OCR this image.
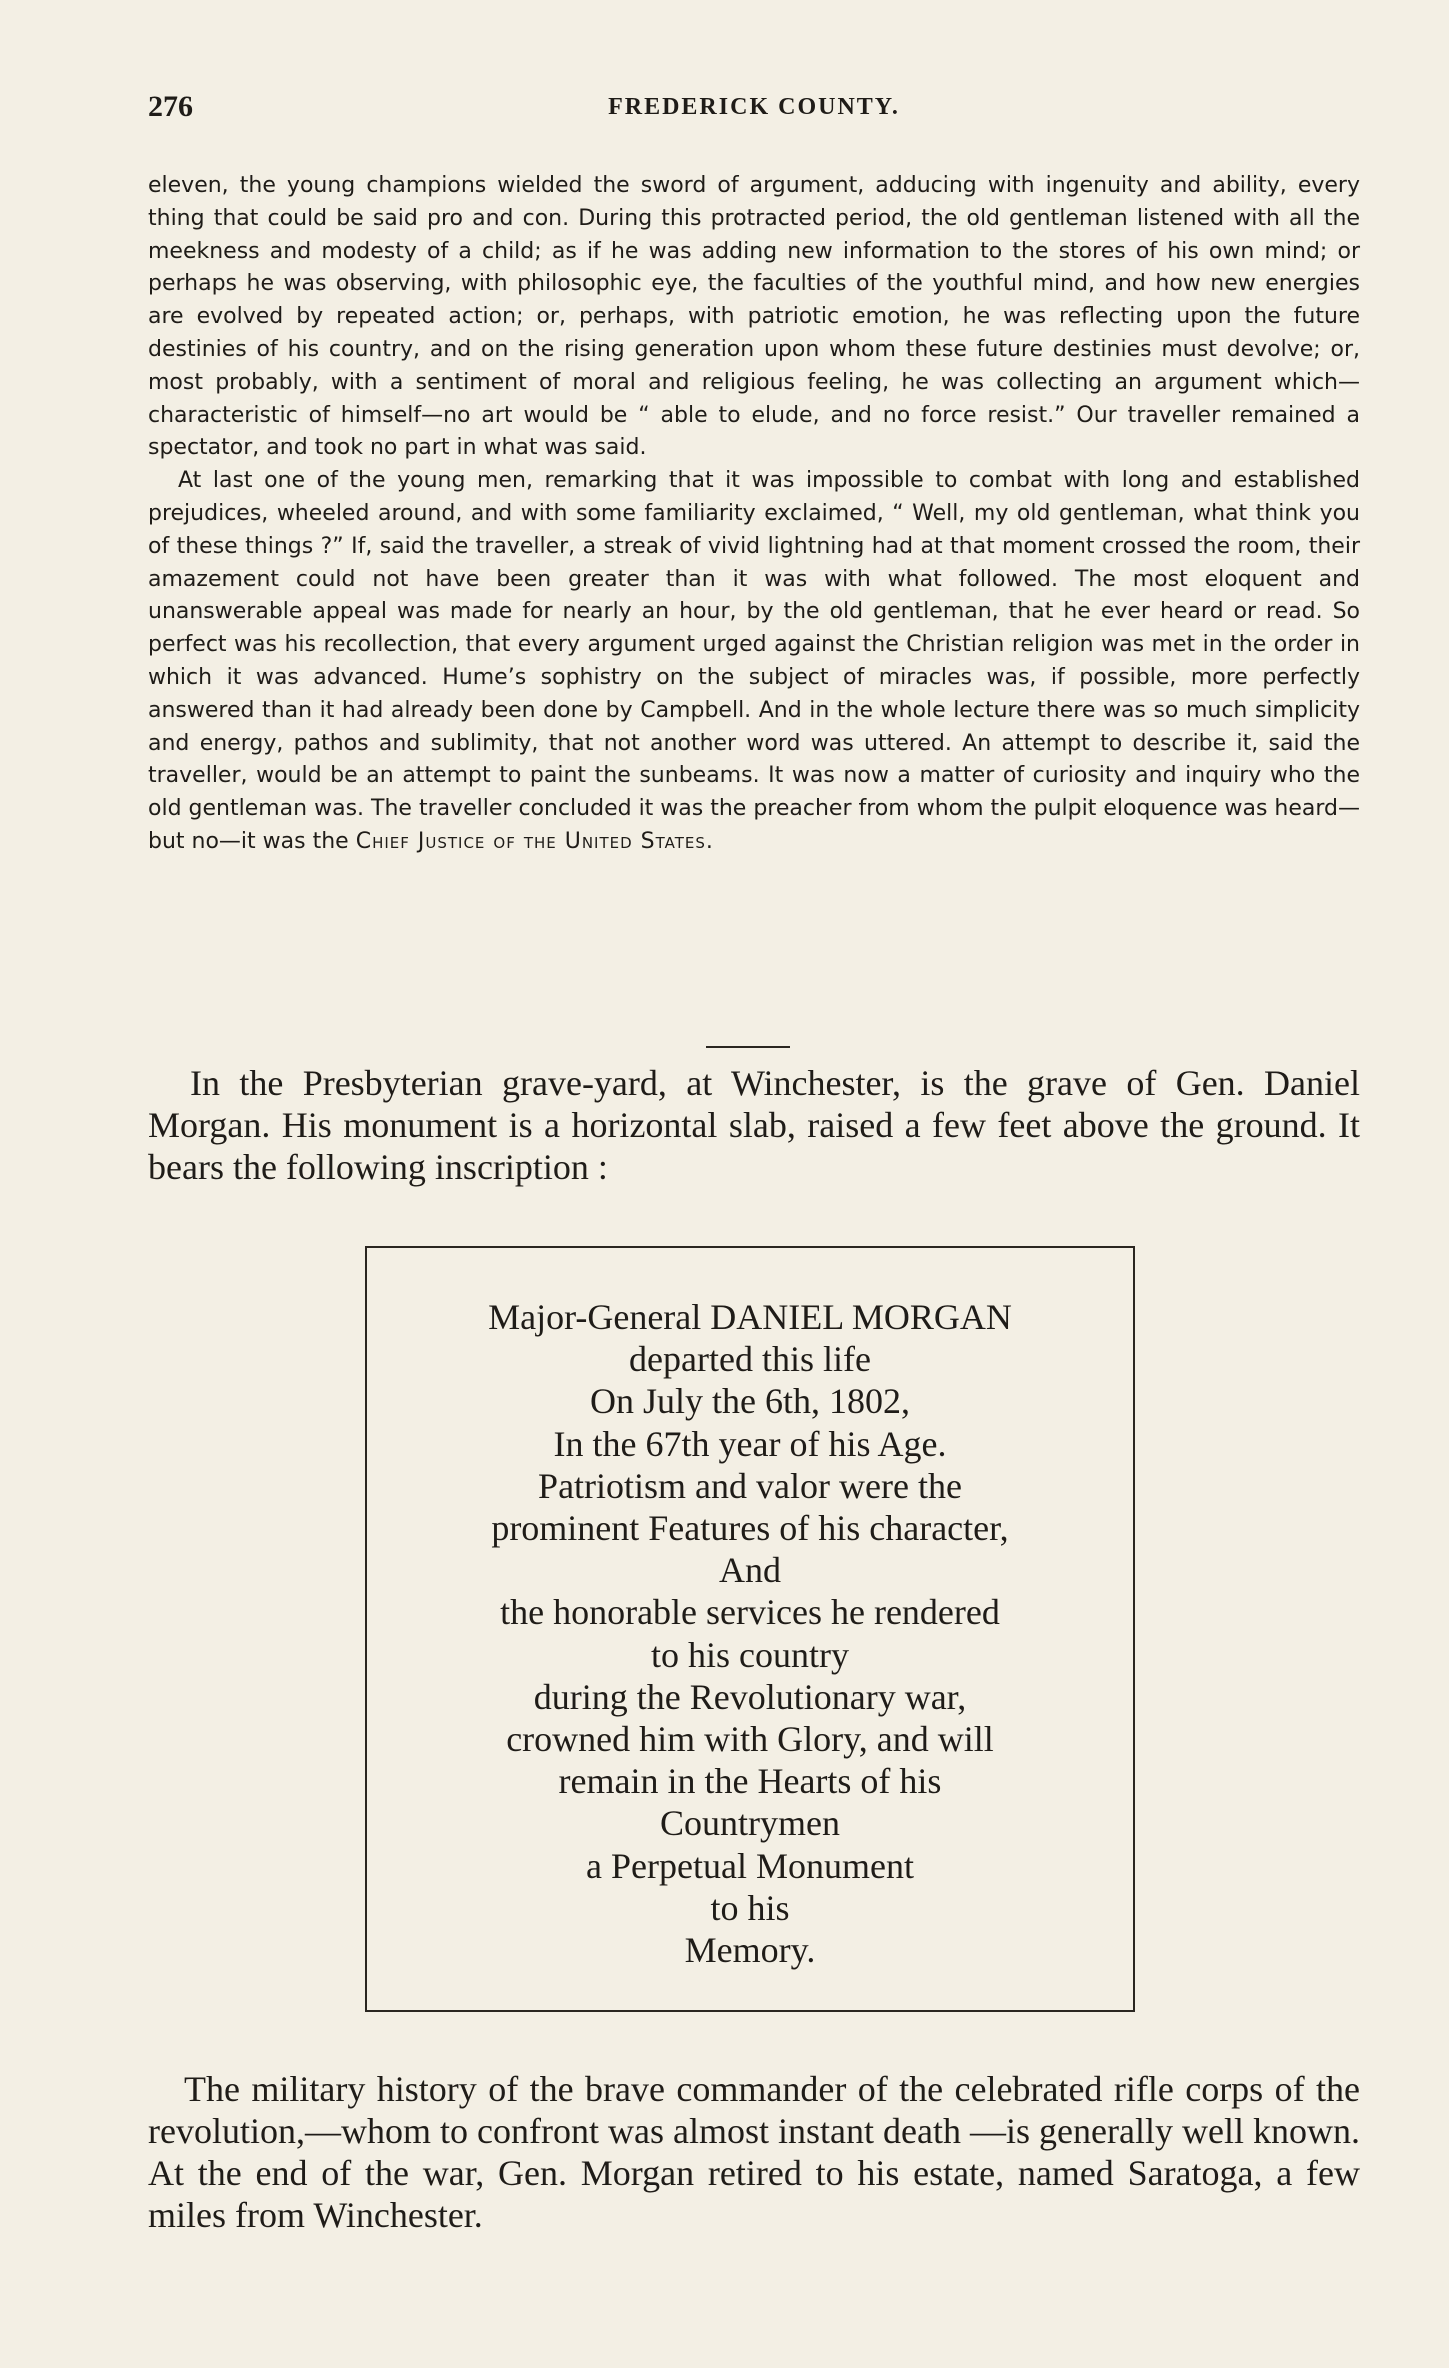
276	FREDERICK COUNTY.

eleven, the young champions wielded the sword of argument, adducing with ingenuity and ability, every thing that could be said pro and con. During this protracted period, the old gentleman listened with all the meekness and modesty of a child; as if he was adding new information to the stores of his own mind; or perhaps he was observing, with philosophic eye, the faculties of the youthful mind, and how new energies are evolved by repeated action; or, perhaps, with patriotic emotion, he was reflecting upon the future destinies of his country, and on the rising generation upon whom these future destinies must devolve; or, most probably, with a sentiment of moral and religious feeling, he was collecting an argument which—characteristic of himself—no art would be “ able to elude, and no force resist.” Our traveller remained a spectator, and took no part in what was said.

At last one of the young men, remarking that it was impossible to combat with long and established prejudices, wheeled around, and with some familiarity exclaimed, “ Well, my old gentleman, what think you of these things ?” If, said the traveller, a streak of vivid lightning had at that moment crossed the room, their amazement could not have been greater than it was with what followed. The most eloquent and unanswerable appeal was made for nearly an hour, by the old gentleman, that he ever heard or read. So perfect was his recollection, that every argument urged against the Christian religion was met in the order in which it was advanced. Hume’s sophistry on the subject of miracles was, if possible, more perfectly answered than it had already been done by Campbell. And in the whole lecture there was so much simplicity and energy, pathos and sublimity, that not another word was uttered. An attempt to describe it, said the traveller, would be an attempt to paint the sunbeams. It was now a matter of curiosity and inquiry who the old gentleman was. The traveller concluded it was the preacher from whom the pulpit eloquence was heard—but no—it was the Chief Justice of the United States.

In the Presbyterian grave-yard, at Winchester, is the grave of Gen. Daniel Morgan. His monument is a horizontal slab, raised a few feet above the ground. It bears the following inscription :
Major-General DANIEL MORGAN
departed this life
On July the 6th, 1802,
In the 67th year of his Age.
Patriotism and valor were the
prominent Features of his character,
And
the honorable services he rendered
to his country
during the Revolutionary war,
crowned him with Glory, and will
remain in the Hearts of his
Countrymen
a Perpetual Monument
to his
Memory.
The military history of the brave commander of the celebrated rifle corps of the revolution,—whom to confront was almost instant death —is generally well known. At the end of the war, Gen. Morgan retired to his estate, named Saratoga, a few miles from Winchester.
